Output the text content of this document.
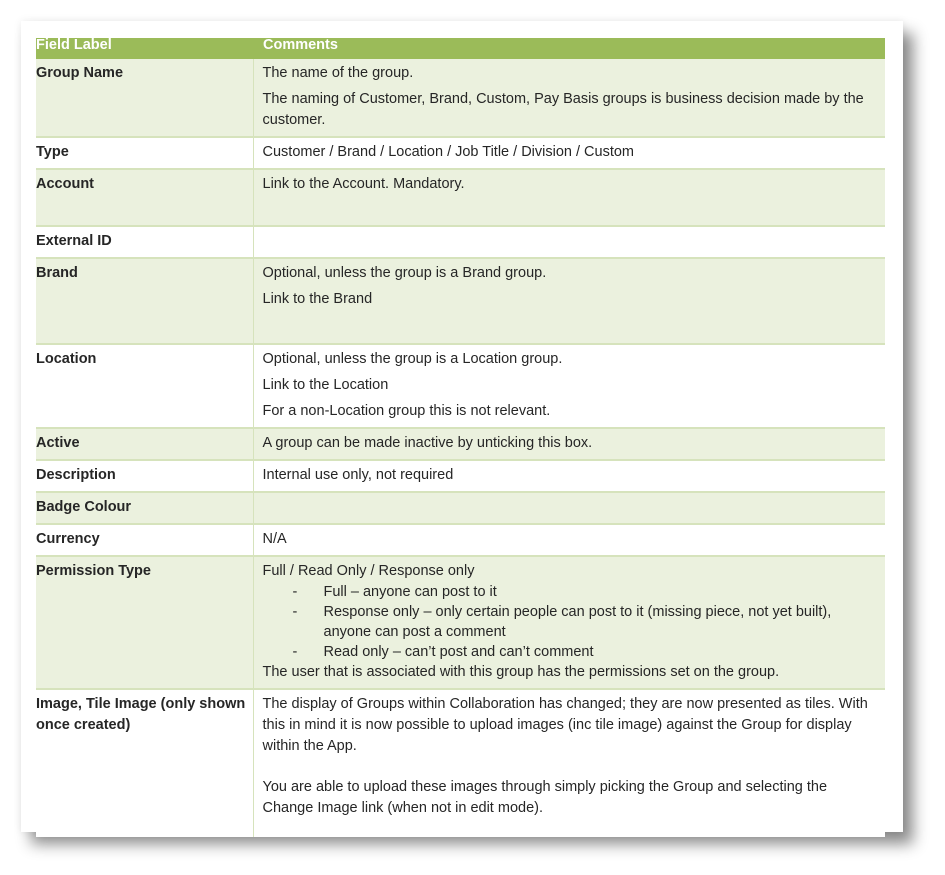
Field Label	Comments
Group Name	The name of the group.

The naming of Customer, Brand, Custom, Pay Basis groups is business decision made by the customer.

Type	Customer / Brand / Location / Job Title / Division / Custom

Account	Link to the Account. Mandatory.

External ID	
Brand	Optional, unless the group is a Brand group.

Link to the Brand

Location	Optional, unless the group is a Location group.

Link to the Location

For a non-Location group this is not relevant.

Active	A group can be made inactive by unticking this box.

Description	Internal use only, not required

Badge Colour	
Currency	N/A

Permission Type	Full / Read Only / Response only
- Full – anyone can post to it
- Response only – only certain people can post to it (missing piece, not yet built), anyone can post a comment
- Read only – can’t post and can’t comment
The user that is associated with this group has the permissions set on the group.

Image, Tile Image (only shown once created)	The display of Groups within Collaboration has changed; they are now presented as tiles. With this in mind it is now possible to upload images (inc tile image) against the Group for display within the App.
You are able to upload these images through simply picking the Group and selecting the Change Image link (when not in edit mode).
